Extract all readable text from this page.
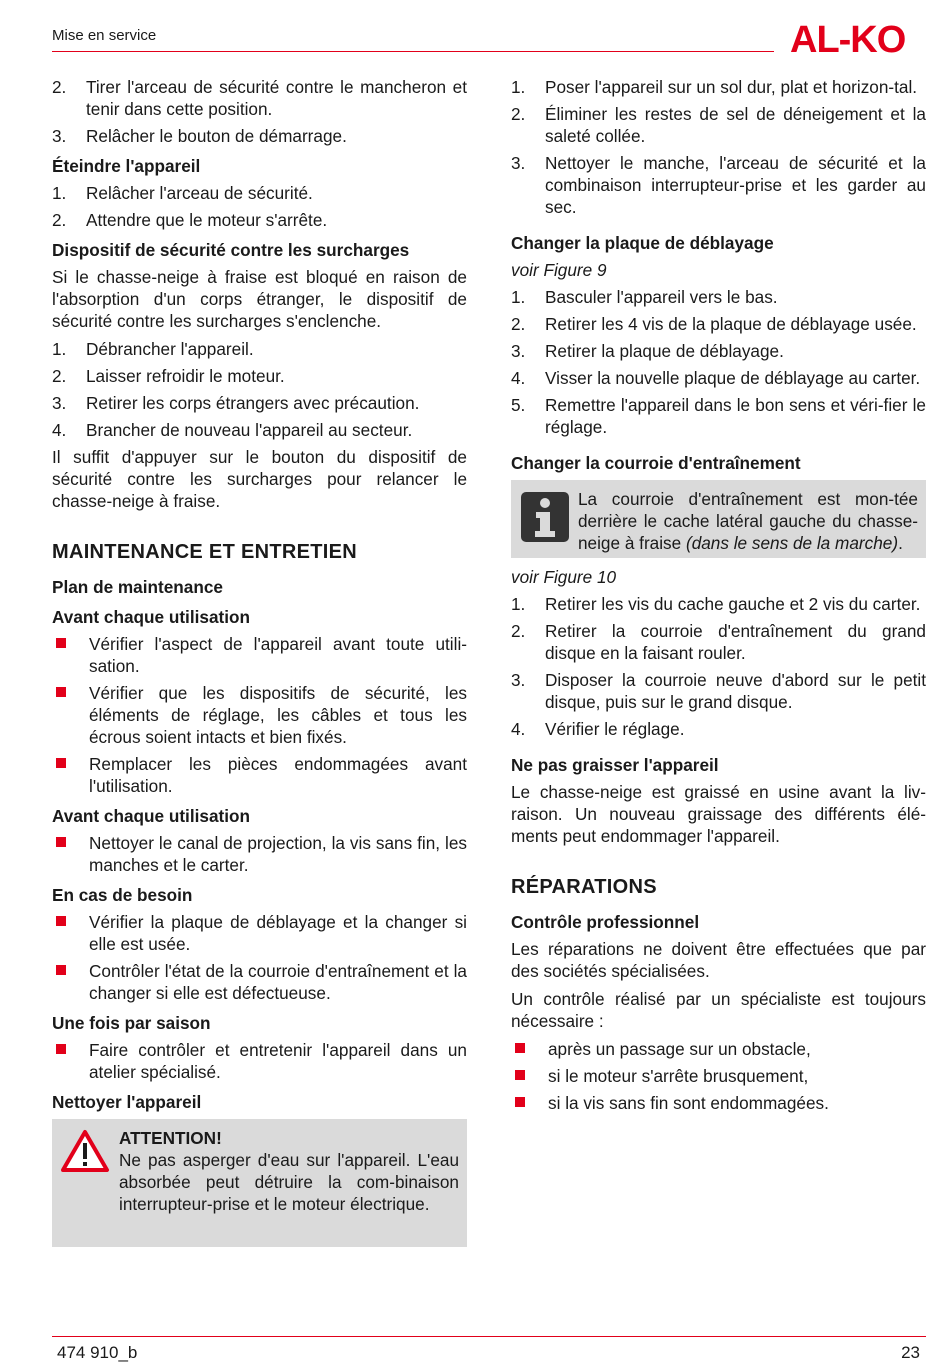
Mise en service	AL-KO
2. Tirer l'arceau de sécurité contre le mancheron et tenir dans cette position.
3. Relâcher le bouton de démarrage.
Éteindre l'appareil
1. Relâcher l'arceau de sécurité.
2. Attendre que le moteur s'arrête.
Dispositif de sécurité contre les surcharges
Si le chasse-neige à fraise est bloqué en raison de l'absorption d'un corps étranger, le dispositif de sécurité contre les surcharges s'enclenche.
1. Débrancher l'appareil.
2. Laisser refroidir le moteur.
3. Retirer les corps étrangers avec précaution.
4. Brancher de nouveau l'appareil au secteur.
Il suffit d'appuyer sur le bouton du dispositif de sécurité contre les surcharges pour relancer le chasse-neige à fraise.
MAINTENANCE ET ENTRETIEN
Plan de maintenance
Avant chaque utilisation
Vérifier l'aspect de l'appareil avant toute utili-sation.
Vérifier que les dispositifs de sécurité, les éléments de réglage, les câbles et tous les écrous soient intacts et bien fixés.
Remplacer les pièces endommagées avant l'utilisation.
Avant chaque utilisation
Nettoyer le canal de projection, la vis sans fin, les manches et le carter.
En cas de besoin
Vérifier la plaque de déblayage et la changer si elle est usée.
Contrôler l'état de la courroie d'entraînement et la changer si elle est défectueuse.
Une fois par saison
Faire contrôler et entretenir l'appareil dans un atelier spécialisé.
Nettoyer l'appareil
ATTENTION!
Ne pas asperger d'eau sur l'appareil. L'eau absorbée peut détruire la com-binaison interrupteur-prise et le moteur électrique.
1. Poser l'appareil sur un sol dur, plat et horizon-tal.
2. Éliminer les restes de sel de déneigement et la saleté collée.
3. Nettoyer le manche, l'arceau de sécurité et la combinaison interrupteur-prise et les garder au sec.
Changer la plaque de déblayage
voir Figure 9
1. Basculer l'appareil vers le bas.
2. Retirer les 4 vis de la plaque de déblayage usée.
3. Retirer la plaque de déblayage.
4. Visser la nouvelle plaque de déblayage au carter.
5. Remettre l'appareil dans le bon sens et véri-fier le réglage.
Changer la courroie d'entraînement
La courroie d'entraînement est mon-tée derrière le cache latéral gauche du chasse-neige à fraise (dans le sens de la marche).
voir Figure 10
1. Retirer les vis du cache gauche et 2 vis du carter.
2. Retirer la courroie d'entraînement du grand disque en la faisant rouler.
3. Disposer la courroie neuve d'abord sur le petit disque, puis sur le grand disque.
4. Vérifier le réglage.
Ne pas graisser l'appareil
Le chasse-neige est graissé en usine avant la liv-raison. Un nouveau graissage des différents élé-ments peut endommager l'appareil.
RÉPARATIONS
Contrôle professionnel
Les réparations ne doivent être effectuées que par des sociétés spécialisées.
Un contrôle réalisé par un spécialiste est toujours nécessaire :
après un passage sur un obstacle,
si le moteur s'arrête brusquement,
si la vis sans fin sont endommagées.
474 910_b	23
